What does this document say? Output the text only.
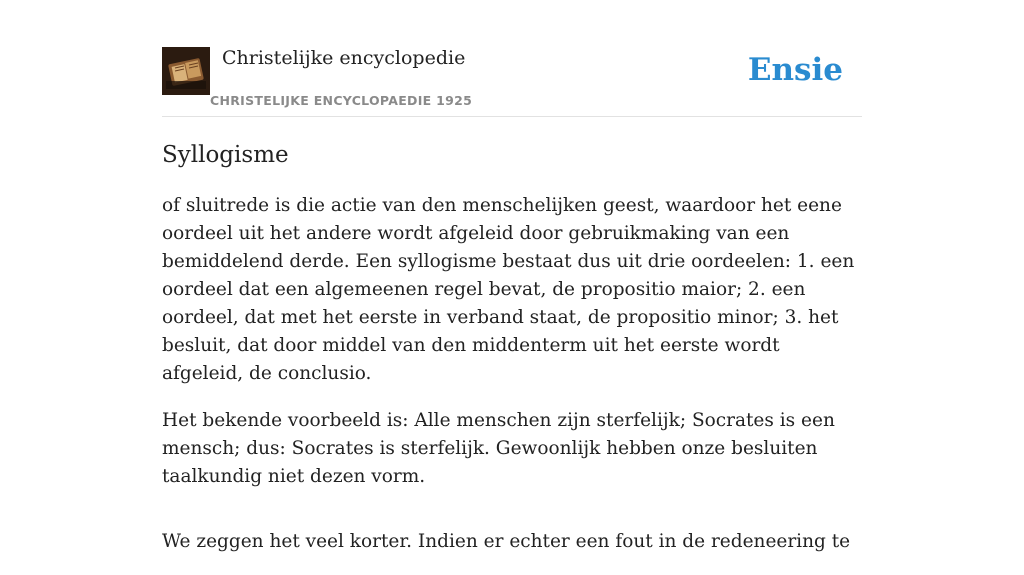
Christelijke encyclopedie
CHRISTELIJKE ENCYCLOPAEDIE 1925
Ensie
Syllogisme

of sluitrede is die actie van den menschelijken geest, waardoor het eene oordeel uit het andere wordt afgeleid door gebruikmaking van een bemiddelend derde. Een syllogisme bestaat dus uit drie oordeelen: 1. een oordeel dat een algemeenen regel bevat, de propositio maior; 2. een oordeel, dat met het eerste in verband staat, de propositio minor; 3. het besluit, dat door middel van den middenterm uit het eerste wordt afgeleid, de conclusio.

Het bekende voorbeeld is: Alle menschen zijn sterfelijk; Socrates is een mensch; dus: Socrates is sterfelijk. Gewoonlijk hebben onze besluiten taalkundig niet dezen vorm.

We zeggen het veel korter. Indien er echter een fout in de redeneering te
